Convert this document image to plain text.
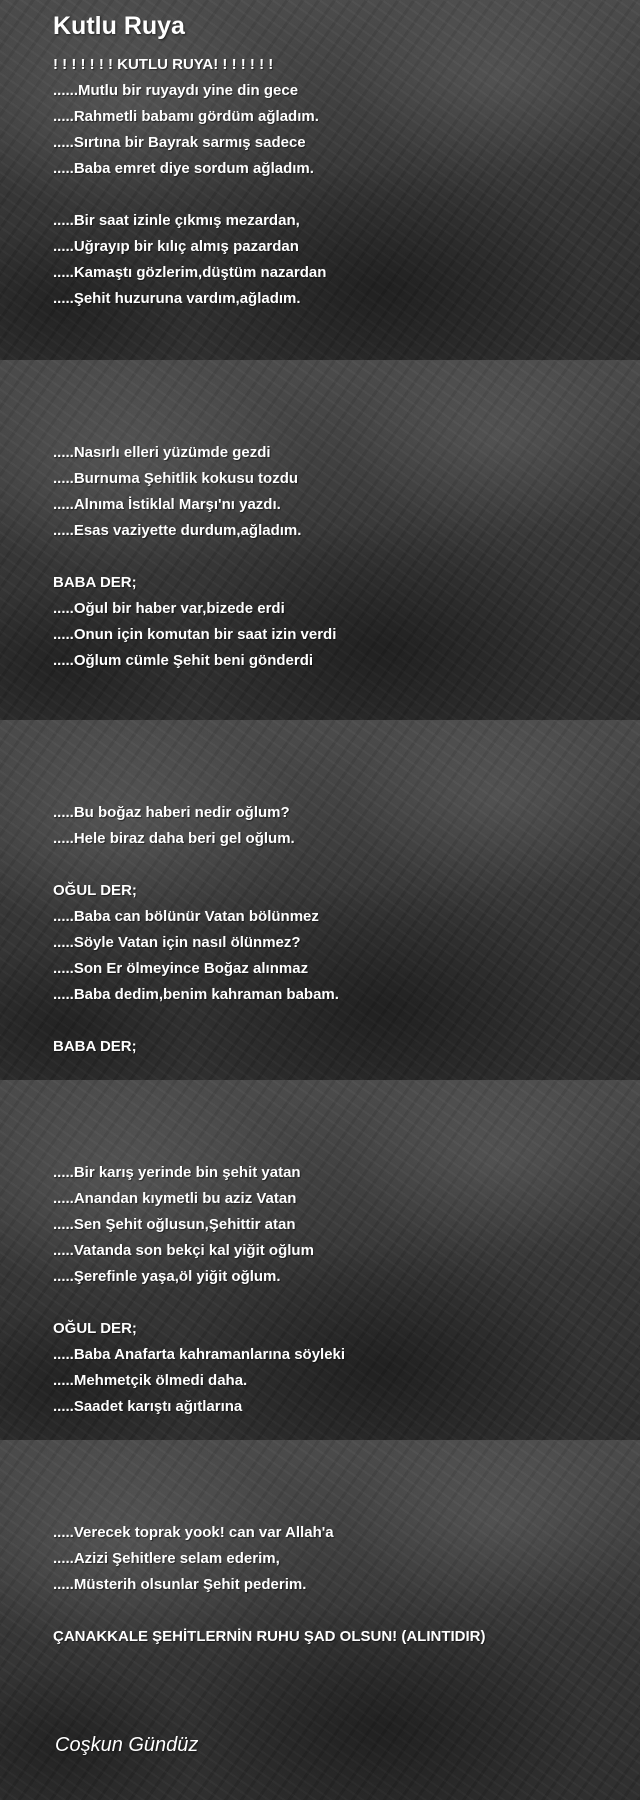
Kutlu Ruya
! ! ! ! ! ! ! KUTLU RUYA! ! ! ! ! ! !
......Mutlu bir ruyaydı yine din gece
.....Rahmetli babamı gördüm ağladım.
.....Sırtına bir Bayrak sarmış sadece
.....Baba emret diye sordum ağladım.
.....Bir saat izinle çıkmış mezardan,
.....Uğrayıp bir kılıç almış pazardan
.....Kamaştı gözlerim,düştüm nazardan
.....Şehit huzuruna vardım,ağladım.
.....Nasırlı elleri yüzümde gezdi
.....Burnuma Şehitlik kokusu tozdu
.....Alnıma İstiklal Marşı'nı yazdı.
.....Esas vaziyette durdum,ağladım.
BABA DER;
.....Oğul bir haber var,bizede erdi
.....Onun için komutan bir saat izin verdi
.....Oğlum cümle Şehit beni gönderdi
.....Bu boğaz haberi nedir oğlum?
.....Hele biraz daha beri gel oğlum.
OĞUL DER;
.....Baba can bölünür Vatan bölünmez
.....Söyle Vatan için nasıl ölünmez?
.....Son Er ölmeyince Boğaz alınmaz
.....Baba dedim,benim kahraman babam.
BABA DER;
.....Bir karış yerinde bin şehit yatan
.....Anandan kıymetli bu aziz Vatan
.....Sen Şehit oğlusun,Şehittir atan
.....Vatanda son bekçi kal yiğit oğlum
.....Şerefinle yaşa,öl yiğit oğlum.
OĞUL DER;
.....Baba Anafarta kahramanlarına söyleki
.....Mehmetçik ölmedi daha.
.....Saadet karıştı ağıtlarına
.....Verecek toprak yook! can var Allah'a
.....Azizi Şehitlere selam ederim,
.....Müsterih olsunlar Şehit pederim.
ÇANAKKALE ŞEHİTLERNİN RUHU ŞAD OLSUN! (ALINTIDIR)
Coşkun Gündüz
